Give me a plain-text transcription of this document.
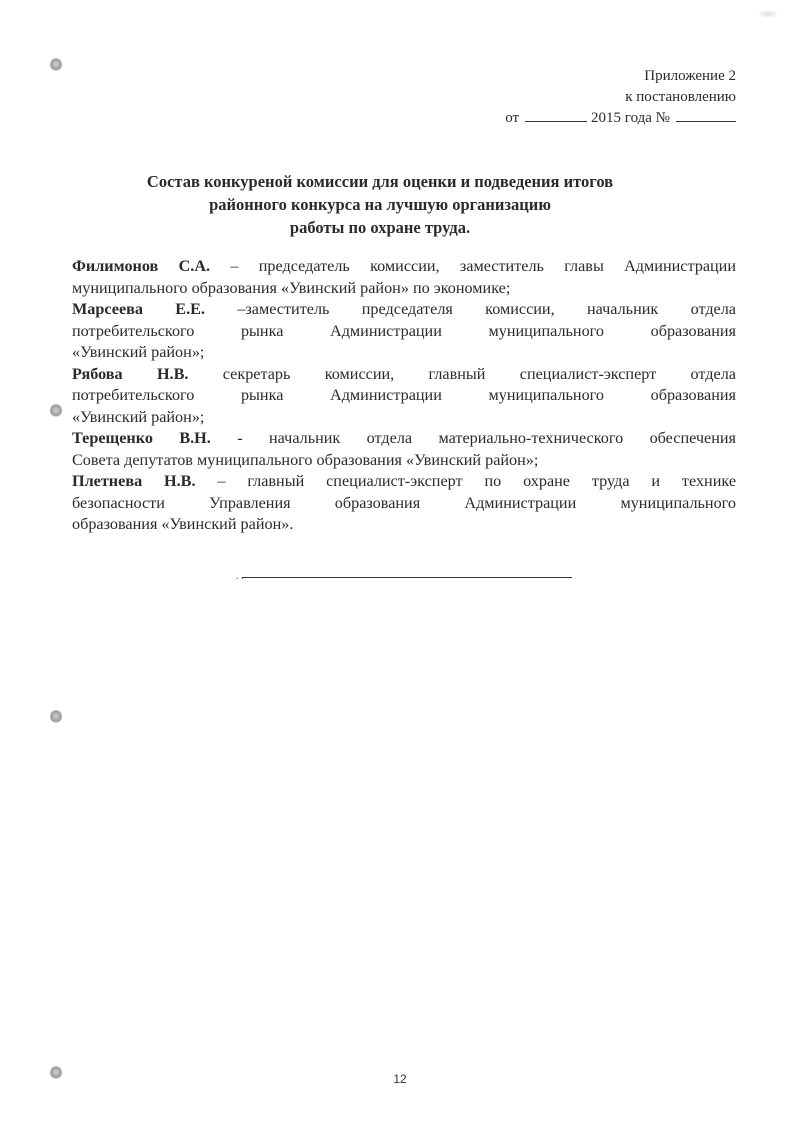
Приложение 2
к постановлению
от	2015 года №
Состав конкуреной комиссии для оценки и подведения итогов
районного конкурса на лучшую организацию
работы по охране труда.
Филимонов С.А. – председатель комиссии, заместитель главы Администрации
муниципального образования «Увинский район» по экономике;
Марсеева Е.Е. –заместитель председателя комиссии, начальник отдела
потребительского рынка Администрации муниципального образования
«Увинский район»;
Рябова Н.В. секретарь комиссии, главный специалист-эксперт отдела
потребительского рынка Администрации муниципального образования
«Увинский район»;
Терещенко В.Н. - начальник отдела материально-технического обеспечения
Совета депутатов муниципального образования «Увинский район»;
Плетнева Н.В. – главный специалист-эксперт по охране труда и технике
безопасности Управления образования Администрации муниципального
образования «Увинский район».
. .
12
